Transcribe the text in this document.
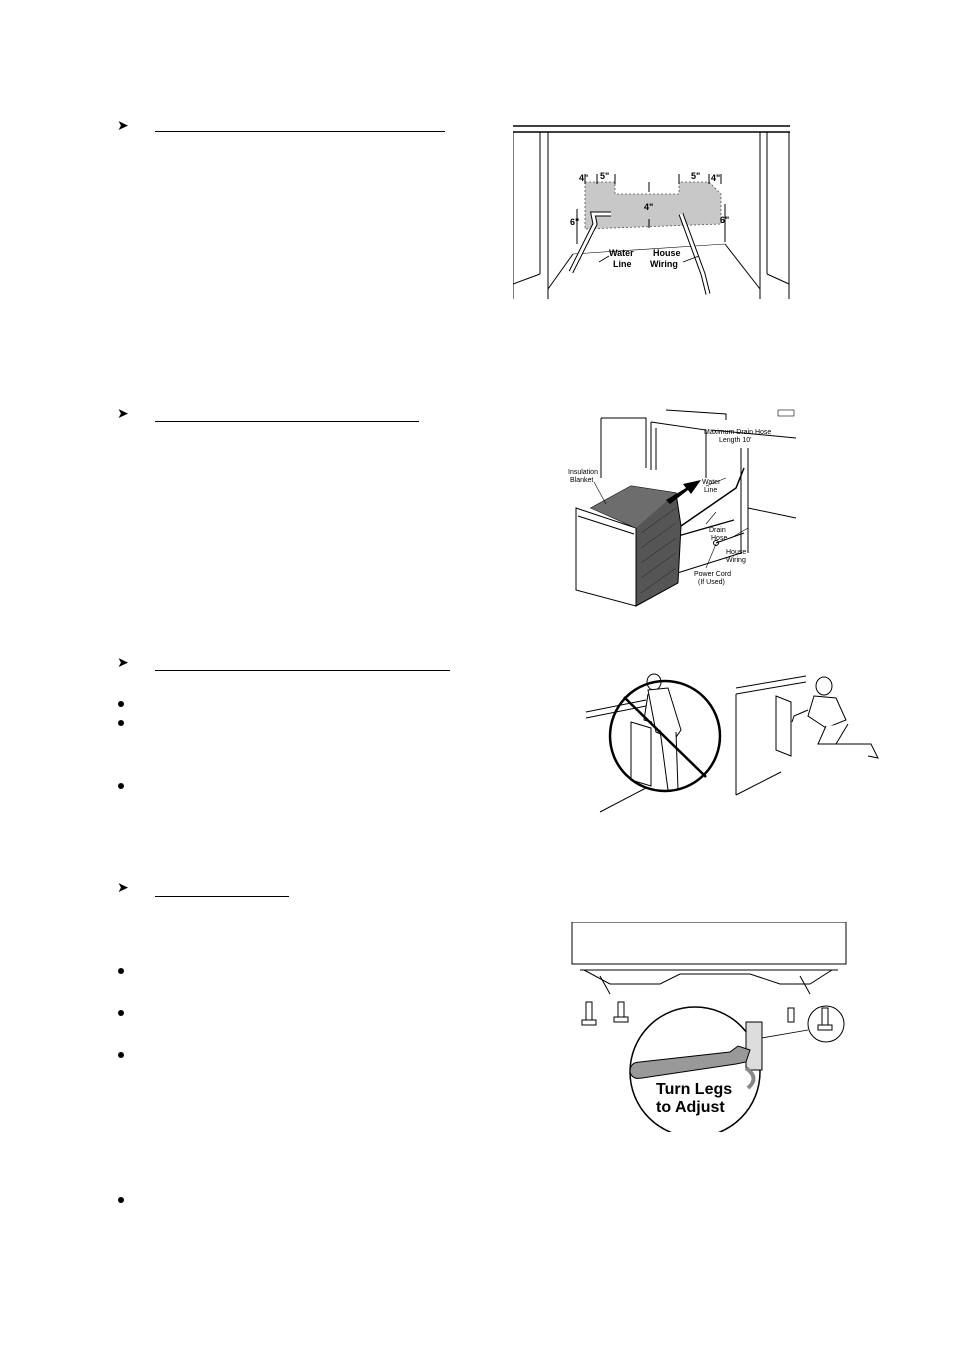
➤
4" 5"	5" 4"
4"
6"	6"
Water
Line
House
Wiring
➤
Maximum Drain Hose
Length 10'
Insulation
Blanket	Water
Line
Drain
Hose
House
Wiring
Power Cord
(If Used)
➤
➤
Turn Legs
to Adjust
